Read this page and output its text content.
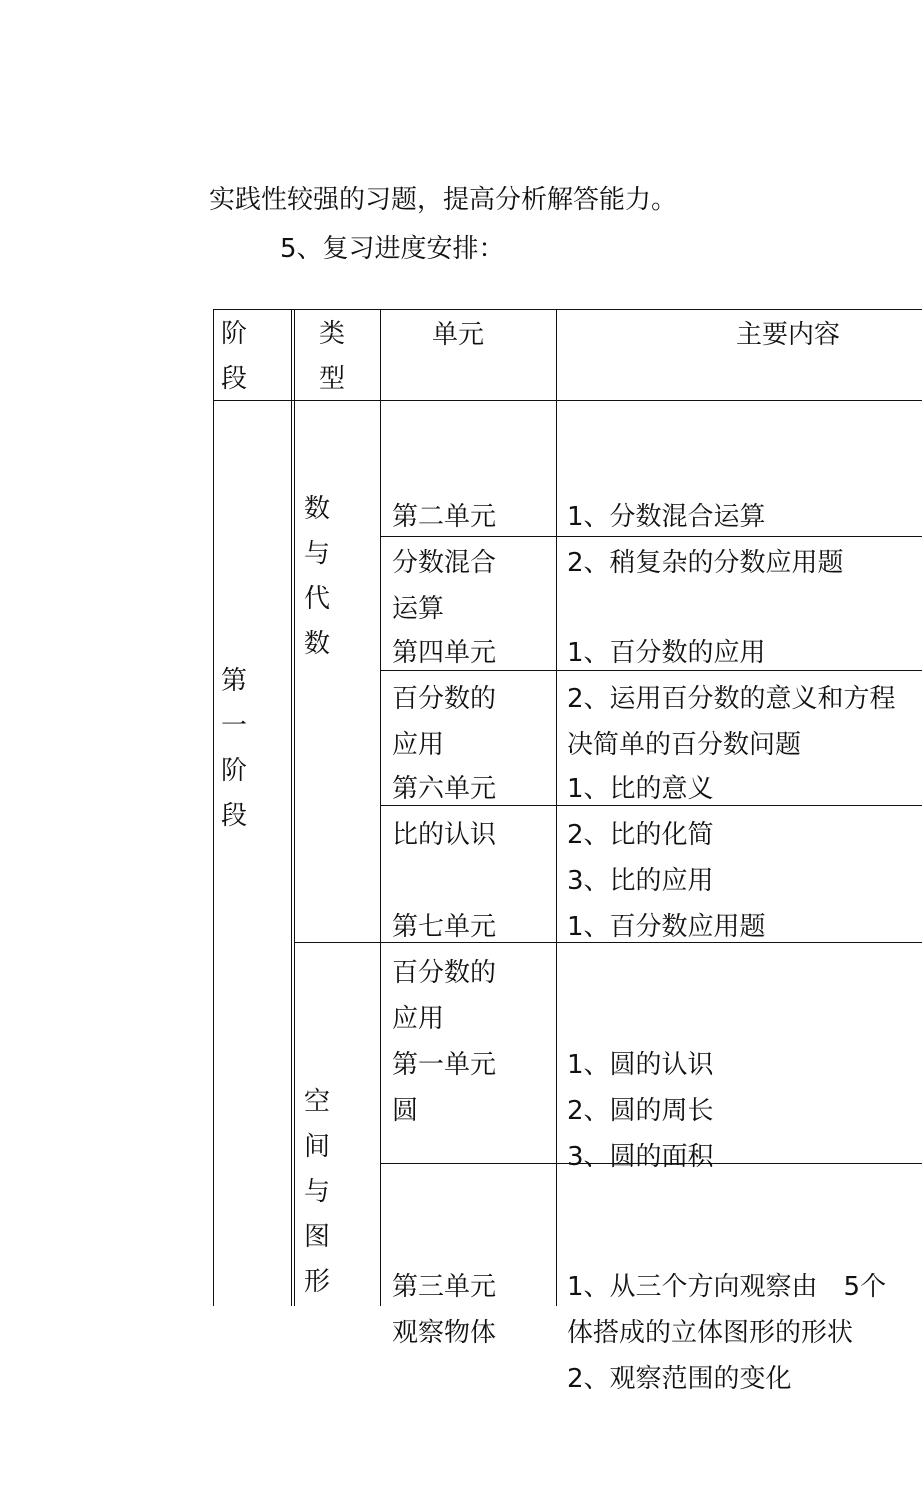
实践性较强的习题，提高分析解答能力。
5、复习进度安排：
阶
段
类
型
单元	主要内容
第
一
阶
段
数
与
代
数
空
间
与
图
形

第二单元
分数混合
运算

1、分数混合运算
2、稍复杂的分数应用题

第四单元
百分数的
应用

1、百分数的应用
2、运用百分数的意义和方程
决简单的百分数问题

第六单元
比的认识

1、比的意义
2、比的化简
3、比的应用

第七单元
百分数的
应用

1、百分数应用题

第一单元
圆

1、圆的认识
2、圆的周长
3、圆的面积

第三单元
观察物体

1、从三个方向观察由　5个
体搭成的立体图形的形状
2、观察范围的变化
